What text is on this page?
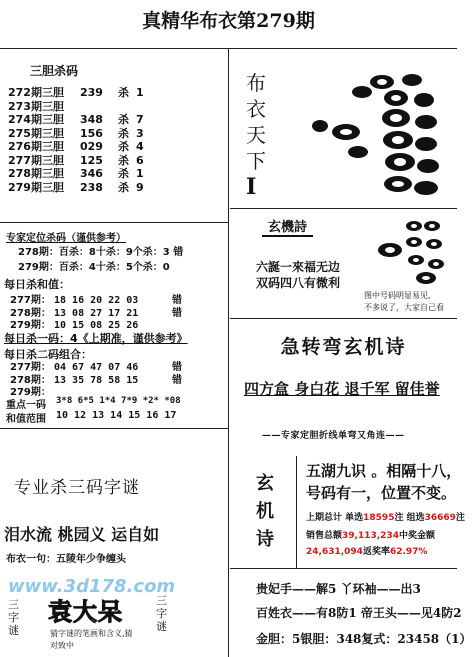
真精华布衣第279期
三胆杀码
272期三胆 239 杀 1
273期三胆
274期三胆 348 杀 7
275期三胆 156 杀 3
276期三胆 029 杀 4
277期三胆 125 杀 6
278期三胆 346 杀 1
279期三胆 238 杀 9
布
衣
天
下
I
专家定位杀码（谨供参考）
278期：百杀：8十杀：9个杀：3 错
279期：百杀：4十杀：5个杀：0
每日杀和值：
277期： 18 16 20 22 03	错
278期： 13 08 27 17 21	错
279期： 10 15 08 25 26
每日杀一码：4《上期准，谨供参考》
每日杀二码组合：
277期： 04 67 47 07 46	错
278期： 13 35 78 58 15	错
279期：
重点一码 3*8 6*5 1*4 7*9 *2* *08
和值范围 10 12 13 14 15 16 17
玄機詩
六誕一來福无边
双码四八有微利
图中号码明显易见,
不多说了，大家自己看
急转弯玄机诗
四方盒 身白花 退千军 留佳誉
——专家定胆折线单弯又角连——
专业杀三码字谜
泪水流 桃园义 运自如
布衣一句：五陵年少争缠头
www.3d178.com
三
字
谜
袁大呆
猜字谜的笔画和含义,猜
对致中
三
字
谜
玄
机
诗
五湖九识 。相隔十八，
号码有一，位置不变。
上期总计 单选18595注 组选36669注
销售总额39,113,234中奖金额
24,631,094返奖率62.97%
贵妃手——解5 丫环袖——出3
百姓衣——有8防1 帝王头——见4防2
金胆：5银胆：348复式：23458（1）
